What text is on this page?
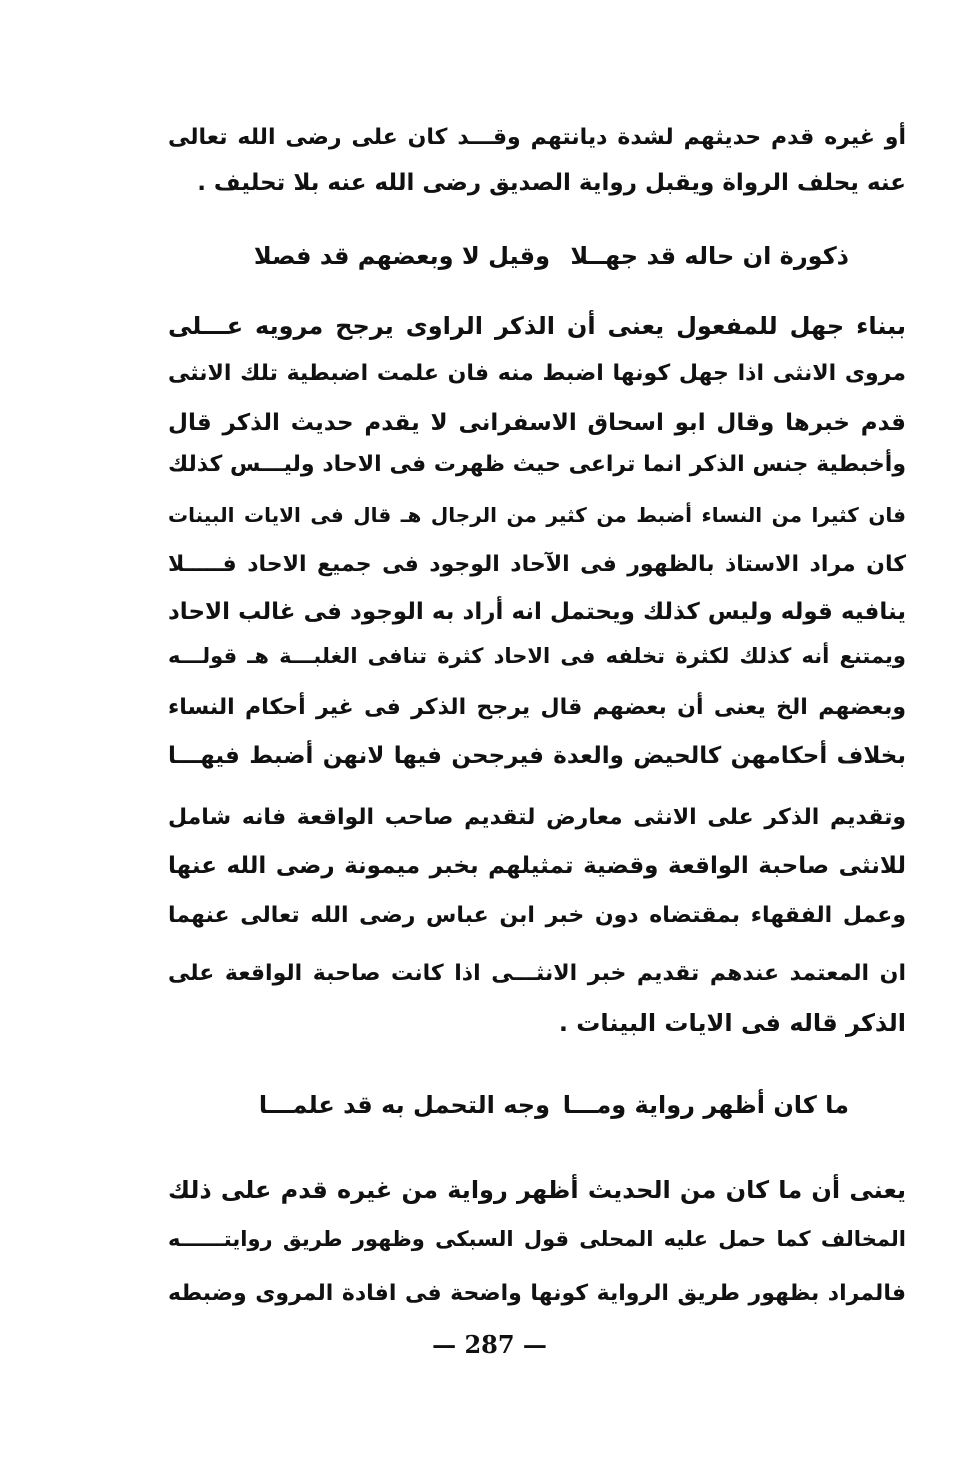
أو غيره قدم حديثهم لشدة ديانتهم وقـــد كان على رضى الله تعالى
عنه يحلف الرواة ويقبل رواية الصديق رضى الله عنه بلا تحليف .
ذكورة ان حاله قد جهــلا
وقيل لا وبعضهم قد فصلا
ببناء جهل للمفعول يعنى أن الذكر الراوى يرجح مرويه عـــلى
مروى الانثى اذا جهل كونها اضبط منه فان علمت اضبطية تلك الانثى
قدم خبرها وقال ابو اسحاق الاسفرانى لا يقدم حديث الذكر قال
وأخبطية جنس الذكر انما تراعى حيث ظهرت فى الاحاد وليـــس كذلك
فان كثيرا من النساء أضبط من كثير من الرجال هـ قال فى الايات البينات
كان مراد الاستاذ بالظهور فى الآحاد الوجود فى جميع الاحاد فـــــلا
ينافيه قوله وليس كذلك ويحتمل انه أراد به الوجود فى غالب الاحاد
ويمتنع أنه كذلك لكثرة تخلفه فى الاحاد كثرة تنافى الغلبـــة هـ قولـــه
وبعضهم الخ يعنى أن بعضهم قال يرجح الذكر فى غير أحكام النساء
بخلاف أحكامهن كالحيض والعدة فيرجحن فيها لانهن أضبط فيهـــا
وتقديم الذكر على الانثى معارض لتقديم صاحب الواقعة فانه شامل
للانثى صاحبة الواقعة وقضية تمثيلهم بخبر ميمونة رضى الله عنها
وعمل الفقهاء بمقتضاه دون خبر ابن عباس رضى الله تعالى عنهما
ان المعتمد عندهم تقديم خبر الانثـــى اذا كانت صاحبة الواقعة على
الذكر قاله فى الايات البينات .
ما كان أظهر رواية ومـــا
وجه التحمل به قد علمـــا
يعنى أن ما كان من الحديث أظهر رواية من غيره قدم على ذلك
المخالف كما حمل عليه المحلى قول السبكى وظهور طريق روايتــــــه
فالمراد بظهور طريق الرواية كونها واضحة فى افادة المروى وضبطه
— 287 —
